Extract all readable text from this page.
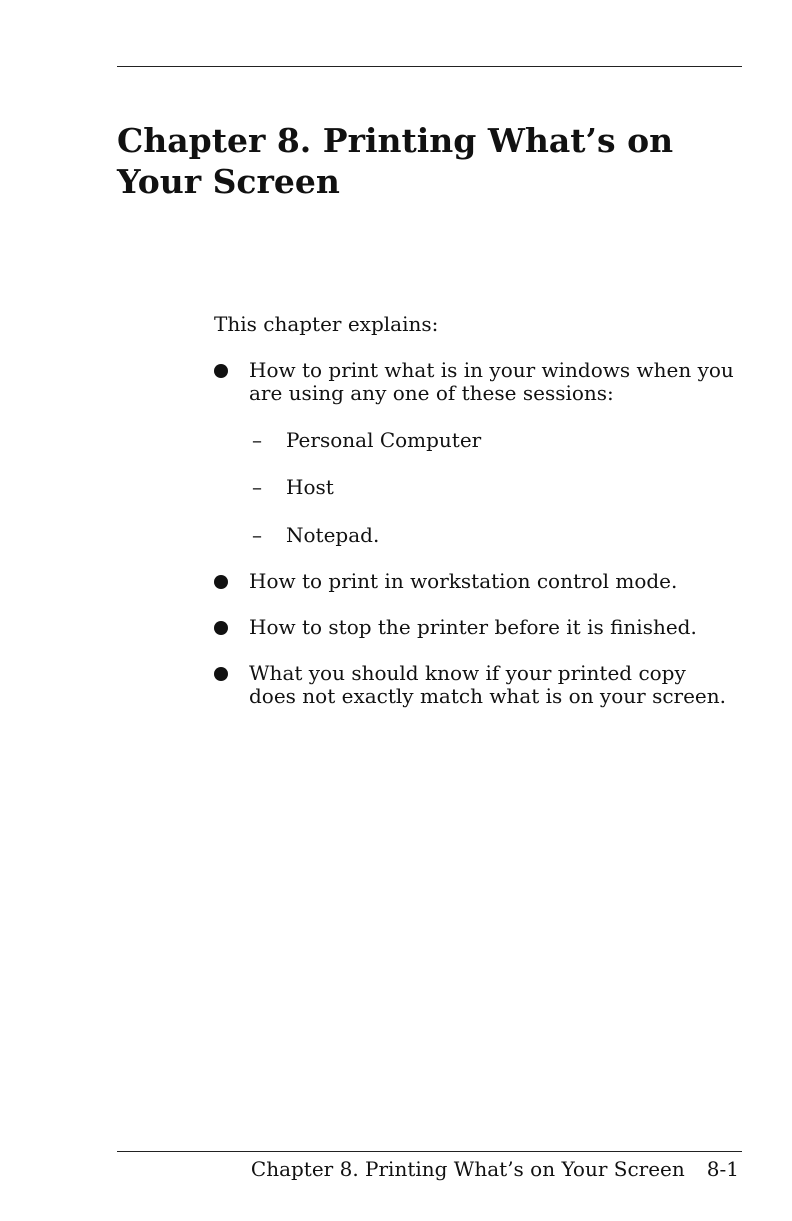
Chapter 8. Printing What’s on Your Screen

This chapter explains:

How to print what is in your windows when you are using any one of these sessions:

– Personal Computer
– Host
– Notepad.

How to print in workstation control mode.

How to stop the printer before it is finished.

What you should know if your printed copy does not exactly match what is on your screen.

Chapter 8. Printing What’s on Your Screen 8-1
